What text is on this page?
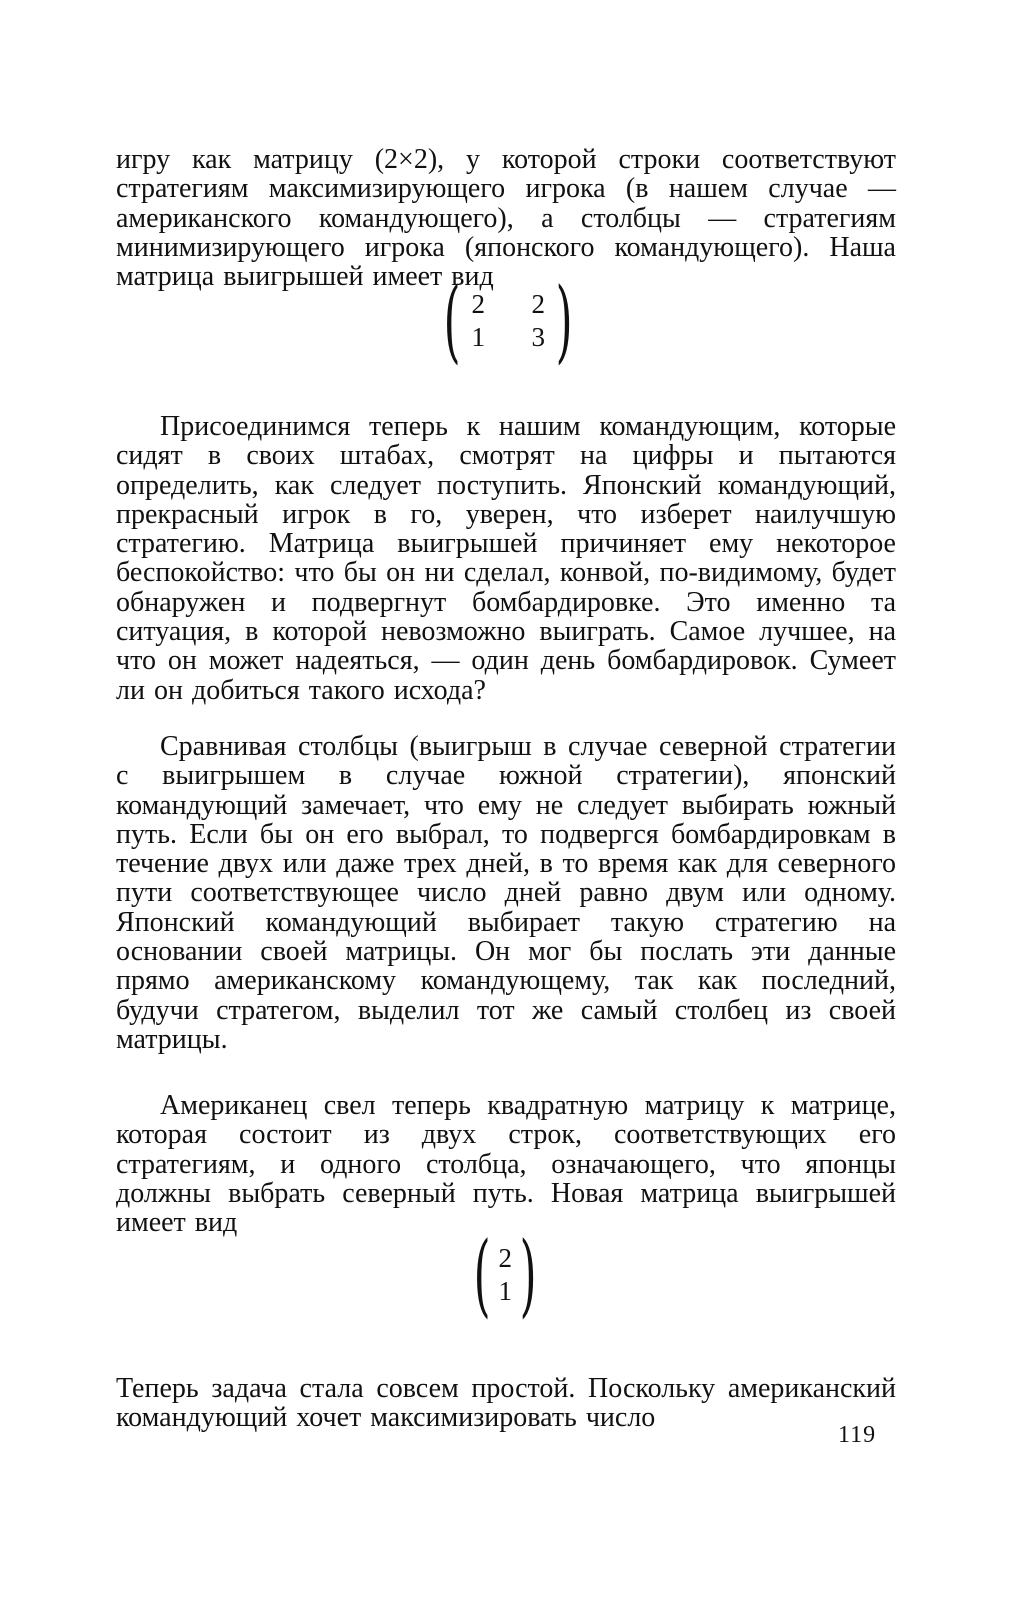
игру как матрицу (2×2), у которой строки соответствуют стратегиям максимизирующего игрока (в нашем случае — американского командующего), а столбцы — стратегиям минимизирующего игрока (японского командующего). Наша матрица выигрышей имеет вид

( 2 2
1 3 )

Присоединимся теперь к нашим командующим, которые сидят в своих штабах, смотрят на цифры и пытаются определить, как следует поступить. Японский командующий, прекрасный игрок в го, уверен, что изберет наилучшую стратегию. Матрица выигрышей причиняет ему некоторое беспокойство: что бы он ни сделал, конвой, по-видимому, будет обнаружен и подвергнут бомбардировке. Это именно та ситуация, в которой невозможно выиграть. Самое лучшее, на что он может надеяться, — один день бомбардировок. Сумеет ли он добиться такого исхода?

Сравнивая столбцы (выигрыш в случае северной стратегии с выигрышем в случае южной стратегии), японский командующий замечает, что ему не следует выбирать южный путь. Если бы он его выбрал, то подвергся бомбардировкам в течение двух или даже трех дней, в то время как для северного пути соответствующее число дней равно двум или одному. Японский командующий выбирает такую стратегию на основании своей матрицы. Он мог бы послать эти данные прямо американскому командующему, так как последний, будучи стратегом, выделил тот же самый столбец из своей матрицы.

Американец свел теперь квадратную матрицу к матрице, которая состоит из двух строк, соответствующих его стратегиям, и одного столбца, означающего, что японцы должны выбрать северный путь. Новая матрица выигрышей имеет вид	( 2
1 )

Теперь задача стала совсем простой. Поскольку американский командующий хочет максимизировать число

119
